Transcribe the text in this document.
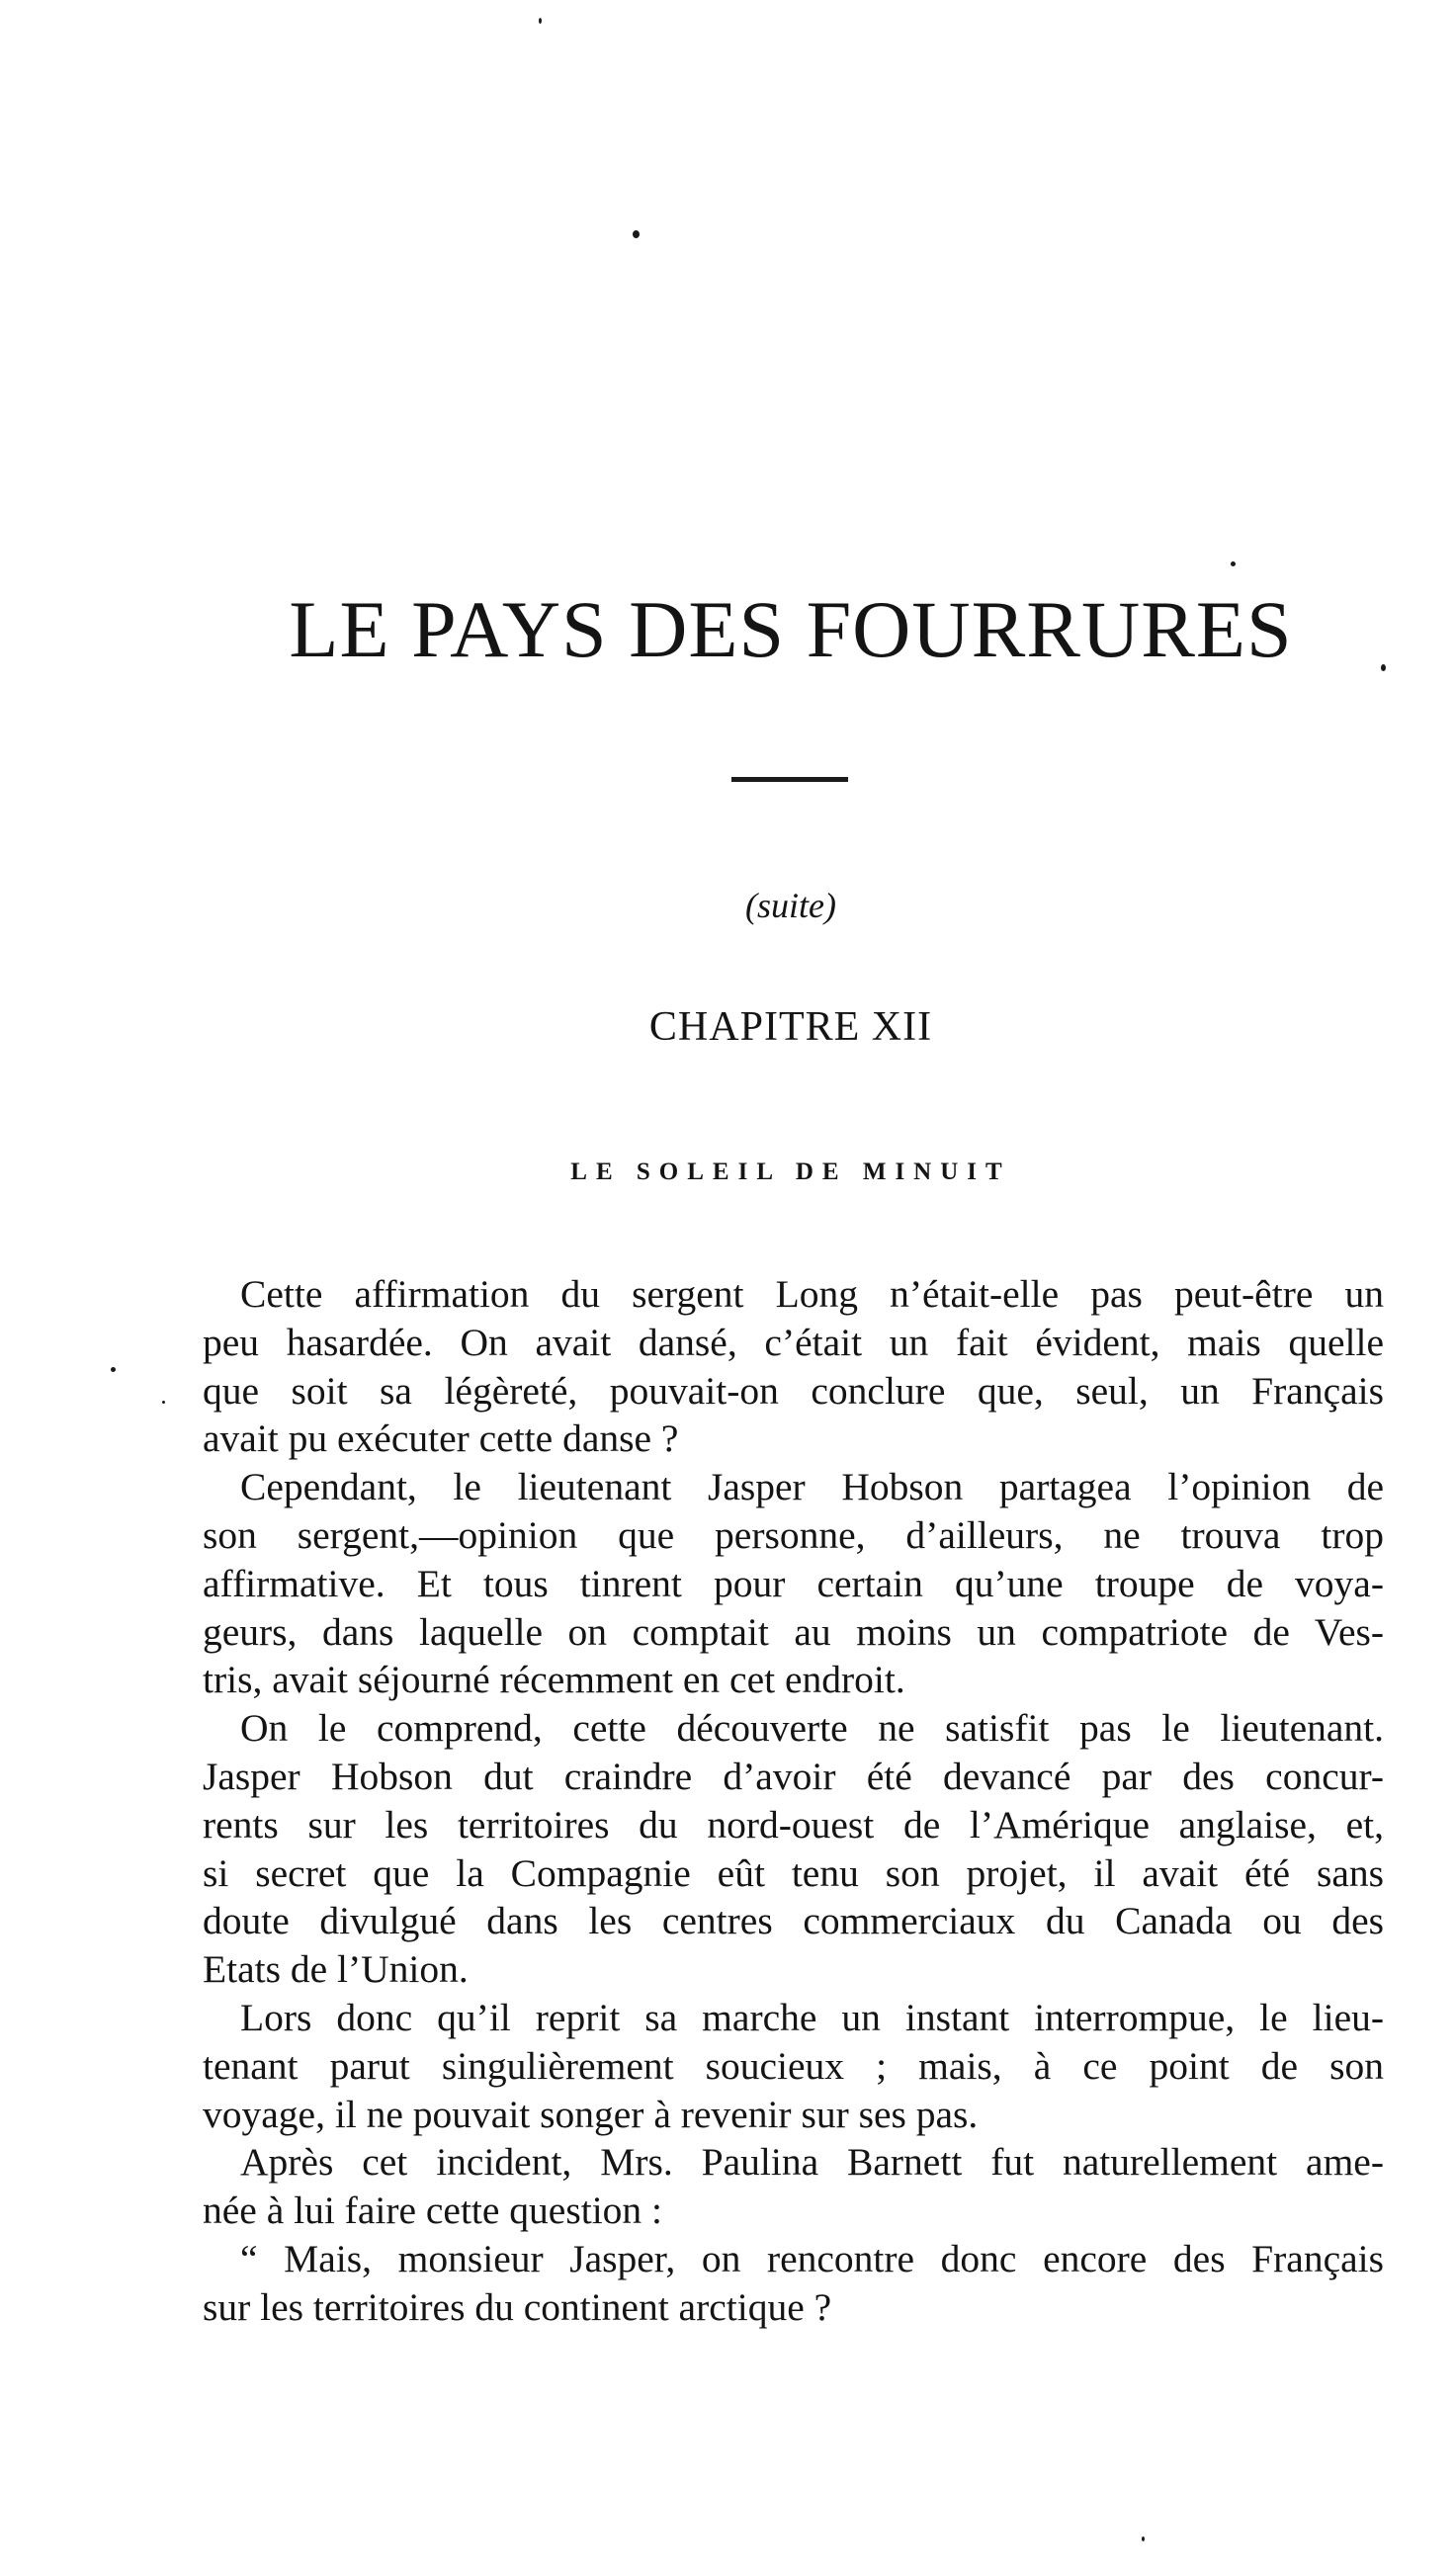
LE PAYS DES FOURRURES
(suite)
CHAPITRE XII
LE SOLEIL DE MINUIT

Cette affirmation du sergent Long n’était-elle pas peut-être un
peu hasardée. On avait dansé, c’était un fait évident, mais quelle
que soit sa légèreté, pouvait-on conclure que, seul, un Français
avait pu exécuter cette danse ?

Cependant, le lieutenant Jasper Hobson partagea l’opinion de
son sergent,—opinion que personne, d’ailleurs, ne trouva trop
affirmative. Et tous tinrent pour certain qu’une troupe de voya-
geurs, dans laquelle on comptait au moins un compatriote de Ves-
tris, avait séjourné récemment en cet endroit.

On le comprend, cette découverte ne satisfit pas le lieutenant.
Jasper Hobson dut craindre d’avoir été devancé par des concur-
rents sur les territoires du nord-ouest de l’Amérique anglaise, et,
si secret que la Compagnie eût tenu son projet, il avait été sans
doute divulgué dans les centres commerciaux du Canada ou des
Etats de l’Union.

Lors donc qu’il reprit sa marche un instant interrompue, le lieu-
tenant parut singulièrement soucieux ; mais, à ce point de son
voyage, il ne pouvait songer à revenir sur ses pas.

Après cet incident, Mrs. Paulina Barnett fut naturellement ame-
née à lui faire cette question :

“ Mais, monsieur Jasper, on rencontre donc encore des Français
sur les territoires du continent arctique ?
